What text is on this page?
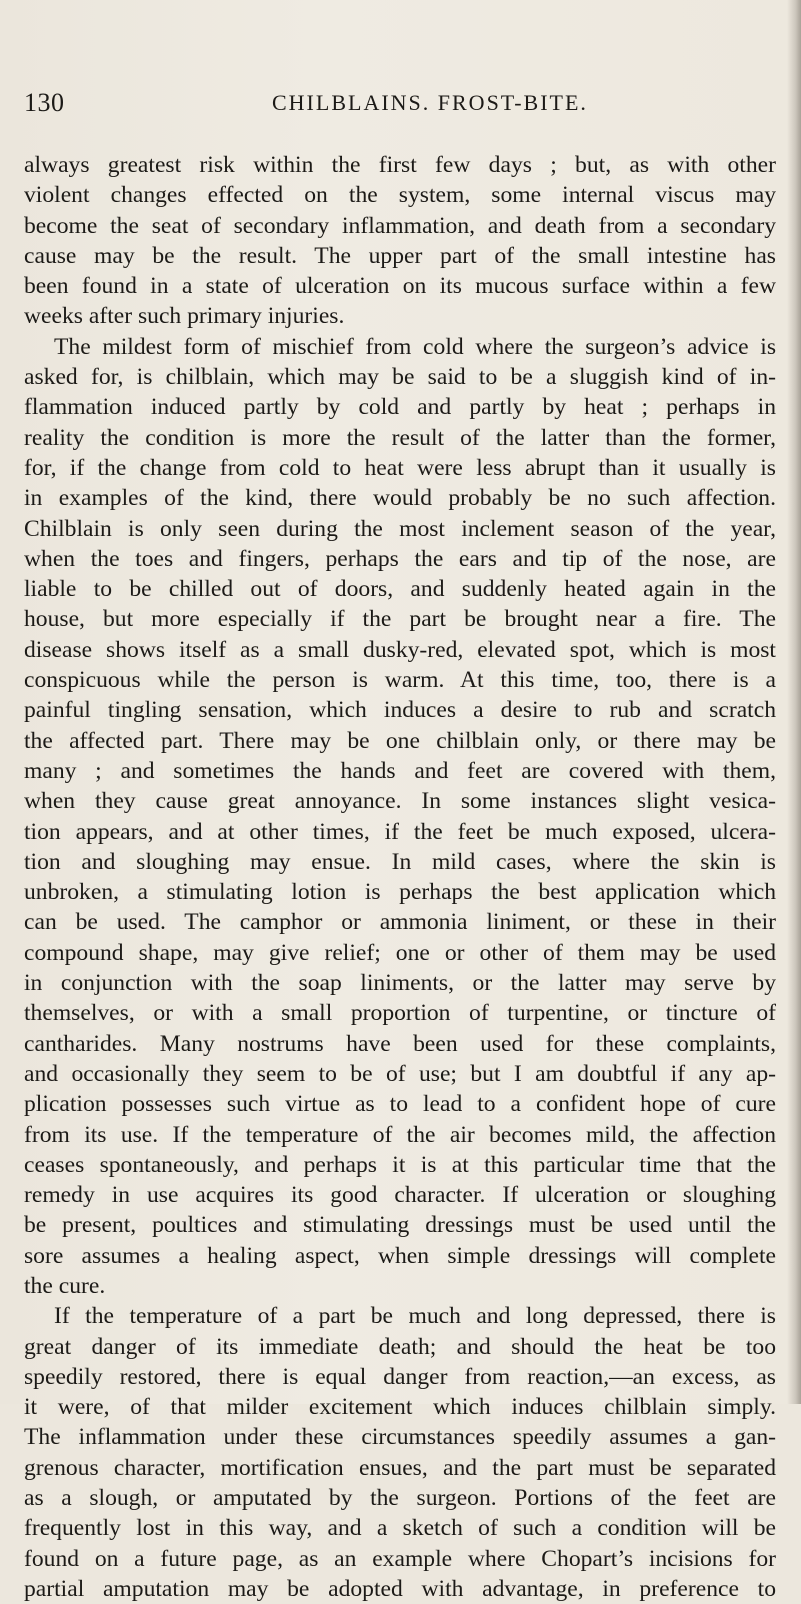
130	CHILBLAINS. FROST-BITE.
always greatest risk within the first few days ; but, as with other
violent changes effected on the system, some internal viscus may
become the seat of secondary inflammation, and death from a secondary
cause may be the result. The upper part of the small intestine has
been found in a state of ulceration on its mucous surface within a few
weeks after such primary injuries.
The mildest form of mischief from cold where the surgeon’s advice is
asked for, is chilblain, which may be said to be a sluggish kind of in-
flammation induced partly by cold and partly by heat ; perhaps in
reality the condition is more the result of the latter than the former,
for, if the change from cold to heat were less abrupt than it usually is
in examples of the kind, there would probably be no such affection.
Chilblain is only seen during the most inclement season of the year,
when the toes and fingers, perhaps the ears and tip of the nose, are
liable to be chilled out of doors, and suddenly heated again in the
house, but more especially if the part be brought near a fire. The
disease shows itself as a small dusky-red, elevated spot, which is most
conspicuous while the person is warm. At this time, too, there is a
painful tingling sensation, which induces a desire to rub and scratch
the affected part. There may be one chilblain only, or there may be
many ; and sometimes the hands and feet are covered with them,
when they cause great annoyance. In some instances slight vesica-
tion appears, and at other times, if the feet be much exposed, ulcera-
tion and sloughing may ensue. In mild cases, where the skin is
unbroken, a stimulating lotion is perhaps the best application which
can be used. The camphor or ammonia liniment, or these in their
compound shape, may give relief; one or other of them may be used
in conjunction with the soap liniments, or the latter may serve by
themselves, or with a small proportion of turpentine, or tincture of
cantharides. Many nostrums have been used for these complaints,
and occasionally they seem to be of use; but I am doubtful if any ap-
plication possesses such virtue as to lead to a confident hope of cure
from its use. If the temperature of the air becomes mild, the affection
ceases spontaneously, and perhaps it is at this particular time that the
remedy in use acquires its good character. If ulceration or sloughing
be present, poultices and stimulating dressings must be used until the
sore assumes a healing aspect, when simple dressings will complete
the cure.
If the temperature of a part be much and long depressed, there is
great danger of its immediate death; and should the heat be too
speedily restored, there is equal danger from reaction,—an excess, as
it were, of that milder excitement which induces chilblain simply.
The inflammation under these circumstances speedily assumes a gan-
grenous character, mortification ensues, and the part must be separated
as a slough, or amputated by the surgeon. Portions of the feet are
frequently lost in this way, and a sketch of such a condition will be
found on a future page, as an example where Chopart’s incisions for
partial amputation may be adopted with advantage, in preference to
